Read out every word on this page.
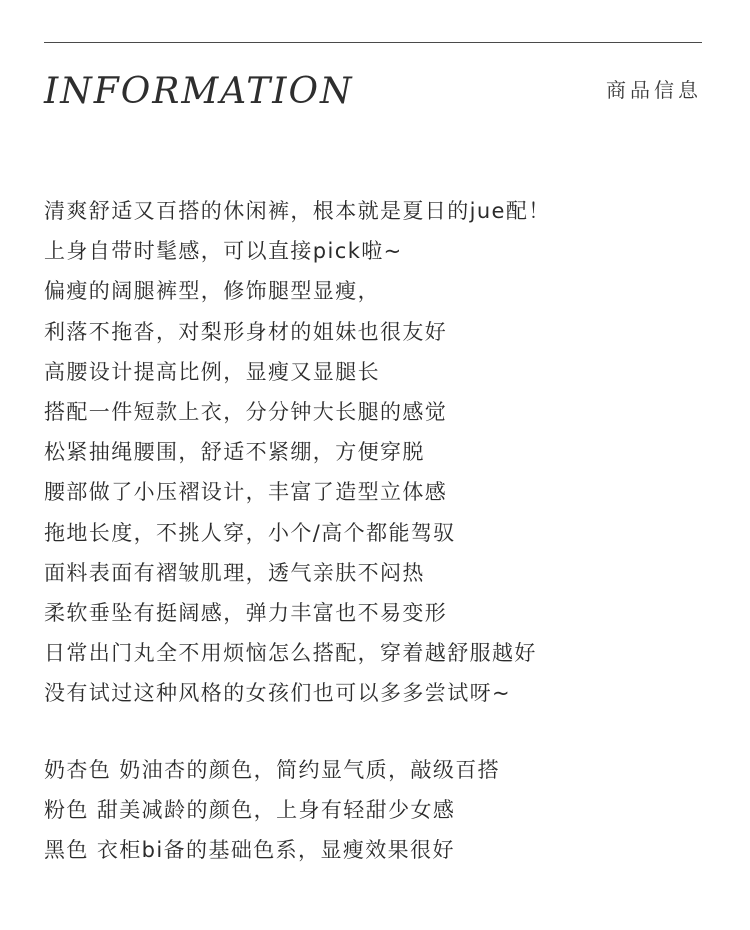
INFORMATION	商品信息
清爽舒适又百搭的休闲裤，根本就是夏日的jue配！
上身自带时髦感，可以直接pick啦~
偏瘦的阔腿裤型，修饰腿型显瘦，
利落不拖沓，对梨形身材的姐妹也很友好
高腰设计提高比例，显瘦又显腿长
搭配一件短款上衣，分分钟大长腿的感觉
松紧抽绳腰围，舒适不紧绷，方便穿脱
腰部做了小压褶设计，丰富了造型立体感
拖地长度，不挑人穿，小个/高个都能驾驭
面料表面有褶皱肌理，透气亲肤不闷热
柔软垂坠有挺阔感，弹力丰富也不易变形
日常出门丸全不用烦恼怎么搭配，穿着越舒服越好
没有试过这种风格的女孩们也可以多多尝试呀~
奶杏色 奶油杏的颜色，简约显气质，敲级百搭
粉色 甜美减龄的颜色，上身有轻甜少女感
黑色 衣柜bi备的基础色系，显瘦效果很好
